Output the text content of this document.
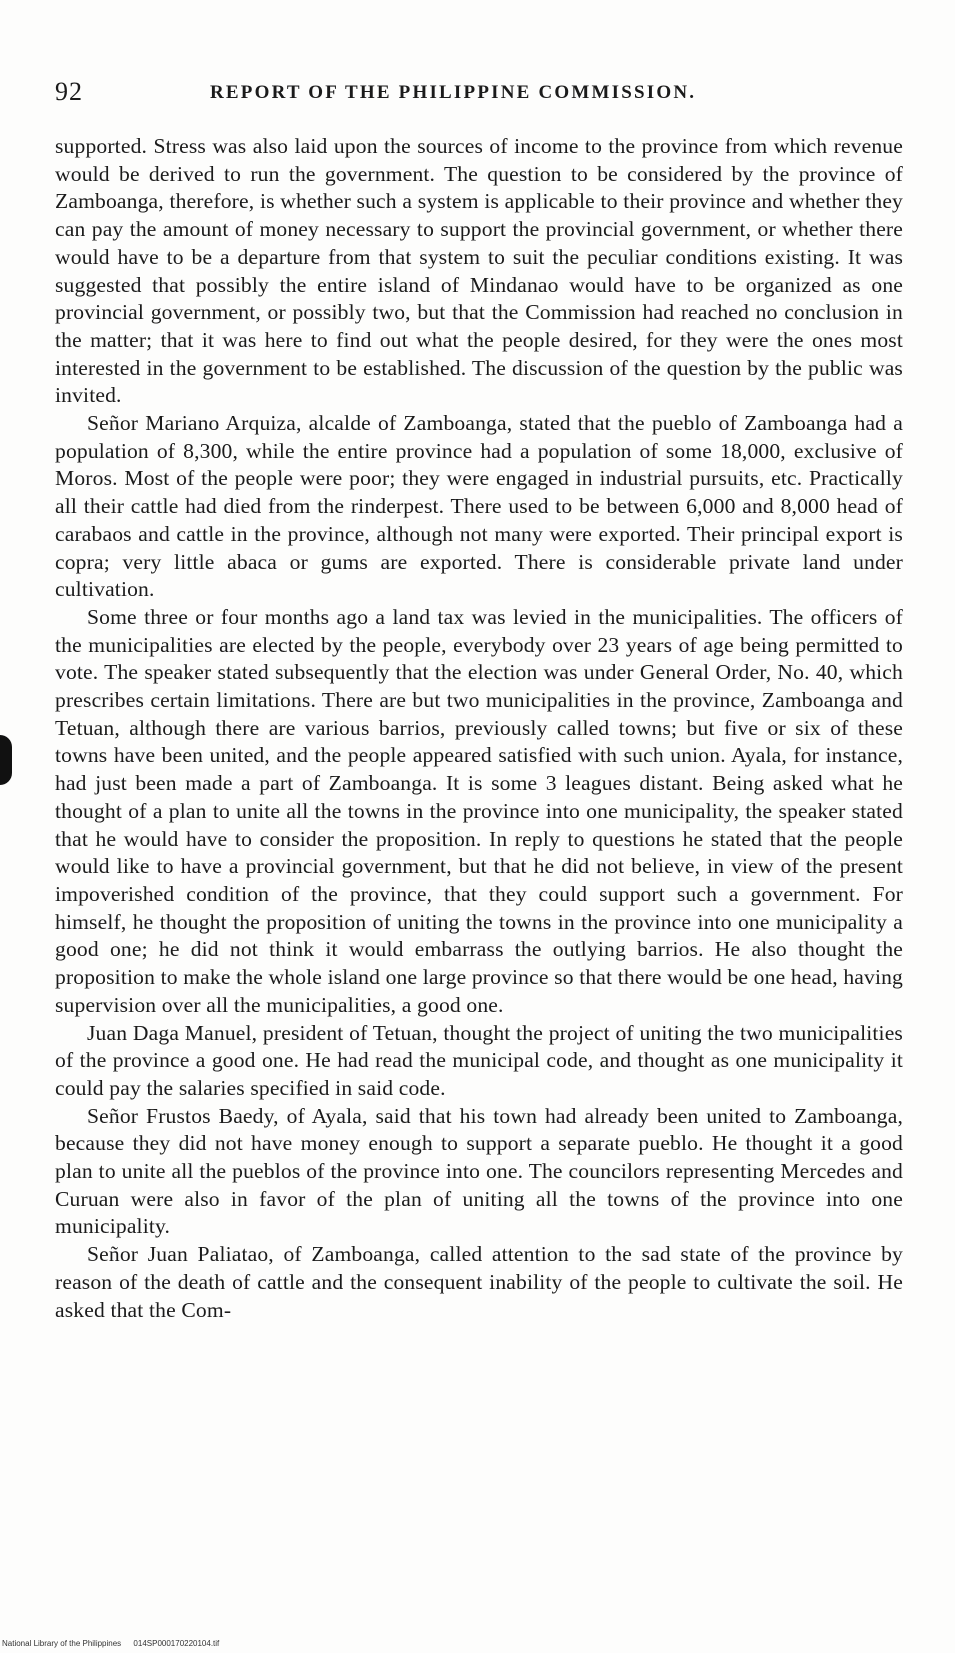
92	REPORT OF THE PHILIPPINE COMMISSION.

supported. Stress was also laid upon the sources of income to the province from which revenue would be derived to run the government. The question to be considered by the province of Zamboanga, therefore, is whether such a system is applicable to their province and whether they can pay the amount of money necessary to support the provincial government, or whether there would have to be a departure from that system to suit the peculiar conditions existing. It was suggested that possibly the entire island of Mindanao would have to be organized as one provincial government, or possibly two, but that the Commission had reached no conclusion in the matter; that it was here to find out what the people desired, for they were the ones most interested in the government to be established. The discussion of the question by the public was invited.

Señor Mariano Arquiza, alcalde of Zamboanga, stated that the pueblo of Zamboanga had a population of 8,300, while the entire province had a population of some 18,000, exclusive of Moros. Most of the people were poor; they were engaged in industrial pursuits, etc. Practically all their cattle had died from the rinderpest. There used to be between 6,000 and 8,000 head of carabaos and cattle in the province, although not many were exported. Their principal export is copra; very little abaca or gums are exported. There is considerable private land under cultivation.

Some three or four months ago a land tax was levied in the municipalities. The officers of the municipalities are elected by the people, everybody over 23 years of age being permitted to vote. The speaker stated subsequently that the election was under General Order, No. 40, which prescribes certain limitations. There are but two municipalities in the province, Zamboanga and Tetuan, although there are various barrios, previously called towns; but five or six of these towns have been united, and the people appeared satisfied with such union. Ayala, for instance, had just been made a part of Zamboanga. It is some 3 leagues distant. Being asked what he thought of a plan to unite all the towns in the province into one municipality, the speaker stated that he would have to consider the proposition. In reply to questions he stated that the people would like to have a provincial government, but that he did not believe, in view of the present impoverished condition of the province, that they could support such a government. For himself, he thought the proposition of uniting the towns in the province into one municipality a good one; he did not think it would embarrass the outlying barrios. He also thought the proposition to make the whole island one large province so that there would be one head, having supervision over all the municipalities, a good one.

Juan Daga Manuel, president of Tetuan, thought the project of uniting the two municipalities of the province a good one. He had read the municipal code, and thought as one municipality it could pay the salaries specified in said code.

Señor Frustos Baedy, of Ayala, said that his town had already been united to Zamboanga, because they did not have money enough to support a separate pueblo. He thought it a good plan to unite all the pueblos of the province into one. The councilors representing Mercedes and Curuan were also in favor of the plan of uniting all the towns of the province into one municipality.

Señor Juan Paliatao, of Zamboanga, called attention to the sad state of the province by reason of the death of cattle and the consequent inability of the people to cultivate the soil. He asked that the Com-

National Library of the Philippines 014SP000170220104.tif
